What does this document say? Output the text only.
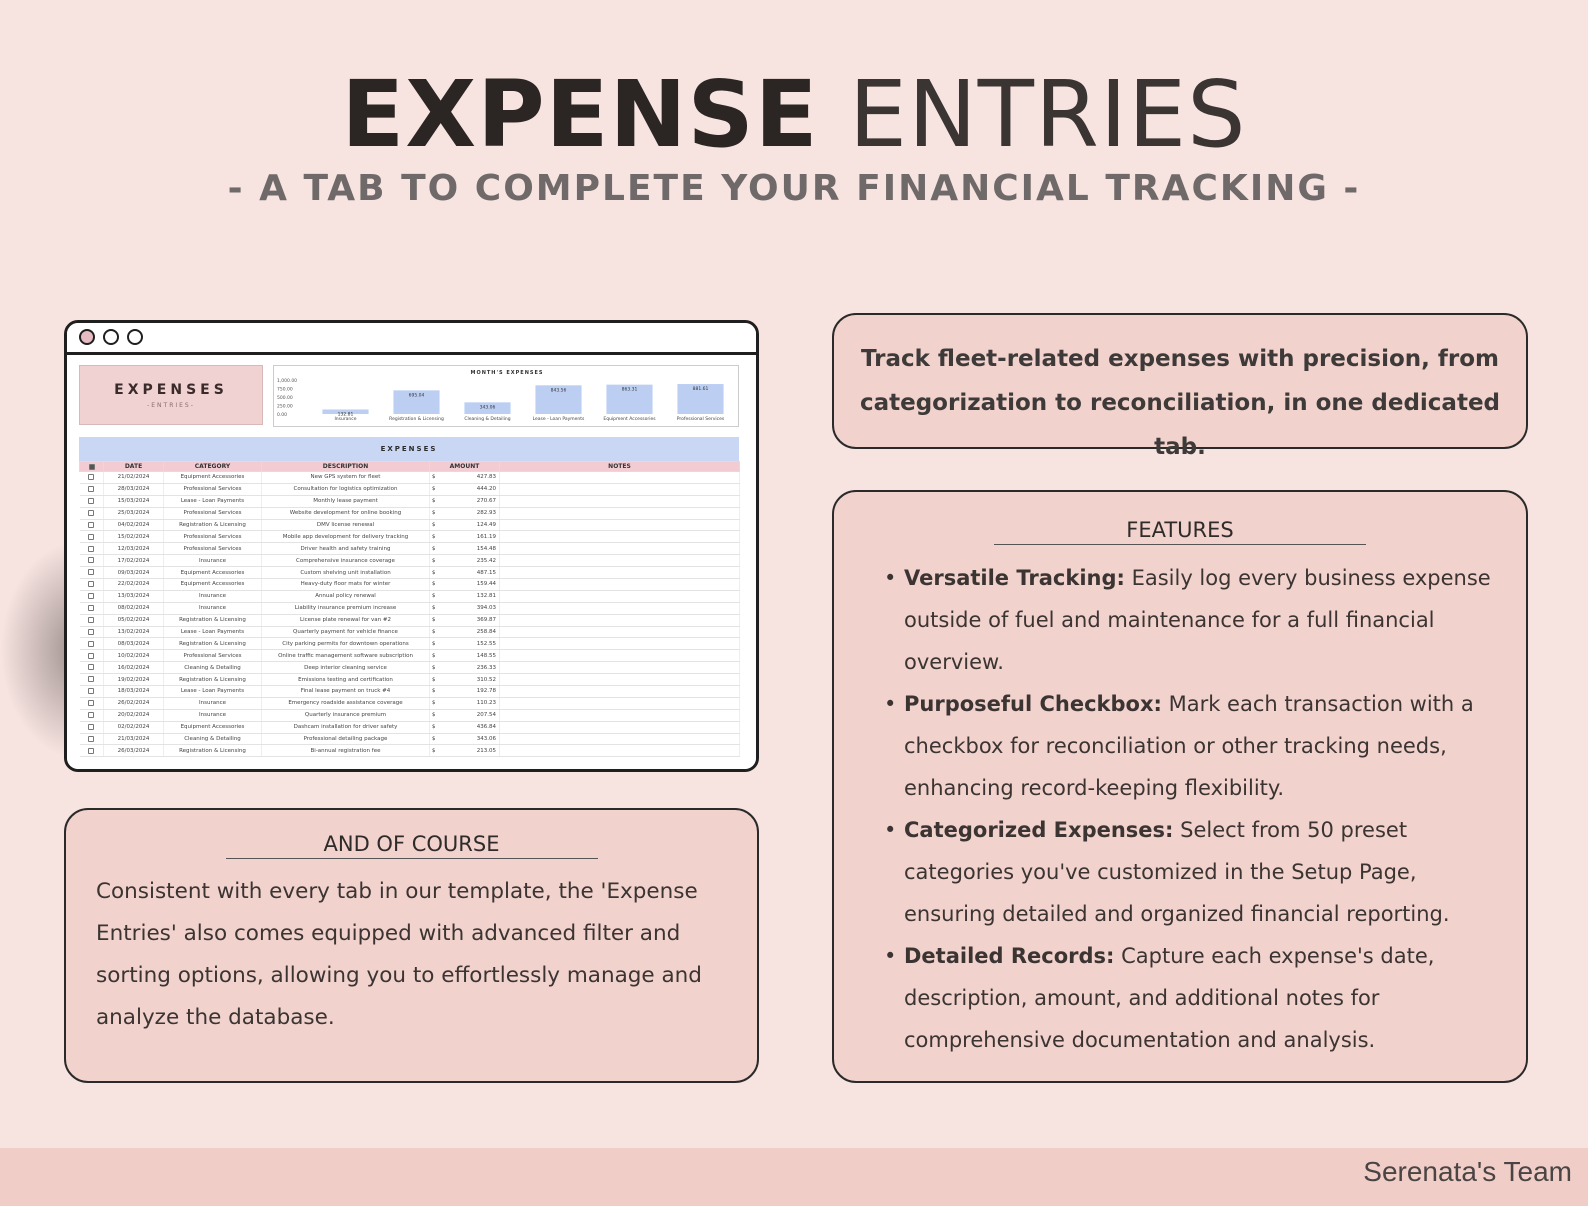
EXPENSE ENTRIES
- A TAB TO COMPLETE YOUR FINANCIAL TRACKING -
EXPENSES
-ENTRIES-
MONTH'S EXPENSES
1,000.00
750.00
500.00
250.00
0.00	132.81
Insurance
695.04
Registration & Licensing
343.06
Cleaning & Detailing
843.56
Lease - Loan Payments
863.31
Equipment Accessories
881.61
Professional Services
EXPENSES
	DATE	CATEGORY	DESCRIPTION	AMOUNT	NOTES
	21/02/2024	Equipment Accessories	New GPS system for fleet	$ 427.83	
	28/03/2024	Professional Services	Consultation for logistics optimization	$ 444.20	
	15/03/2024	Lease - Loan Payments	Monthly lease payment	$ 270.67	
	25/03/2024	Professional Services	Website development for online booking	$ 282.93	
	04/02/2024	Registration & Licensing	DMV license renewal	$ 124.49	
	15/02/2024	Professional Services	Mobile app development for delivery tracking	$ 161.19	
	12/03/2024	Professional Services	Driver health and safety training	$ 154.48	
	17/02/2024	Insurance	Comprehensive insurance coverage	$ 235.42	
	09/03/2024	Equipment Accessories	Custom shelving unit installation	$ 487.15	
	22/02/2024	Equipment Accessories	Heavy-duty floor mats for winter	$ 159.44	
	13/03/2024	Insurance	Annual policy renewal	$ 132.81	
	08/02/2024	Insurance	Liability insurance premium increase	$ 394.03	
	05/02/2024	Registration & Licensing	License plate renewal for van #2	$ 369.87	
	13/02/2024	Lease - Loan Payments	Quarterly payment for vehicle finance	$ 258.84	
	08/03/2024	Registration & Licensing	City parking permits for downtown operations	$ 152.55	
	10/02/2024	Professional Services	Online traffic management software subscription	$ 148.55	
	16/02/2024	Cleaning & Detailing	Deep interior cleaning service	$ 236.33	
	19/02/2024	Registration & Licensing	Emissions testing and certification	$ 310.52	
	18/03/2024	Lease - Loan Payments	Final lease payment on truck #4	$ 192.78	
	26/02/2024	Insurance	Emergency roadside assistance coverage	$ 110.23	
	20/02/2024	Insurance	Quarterly insurance premium	$ 207.54	
	02/02/2024	Equipment Accessories	Dashcam installation for driver safety	$ 436.84	
	21/03/2024	Cleaning & Detailing	Professional detailing package	$ 343.06	
	26/03/2024	Registration & Licensing	Bi-annual registration fee	$ 213.05	

Track fleet-related expenses with precision, from categorization to reconciliation, in one dedicated tab.

AND OF COURSE

Consistent with every tab in our template, the 'Expense Entries' also comes equipped with advanced filter and sorting options, allowing you to effortlessly manage and analyze the database.

FEATURES
• Versatile Tracking: Easily log every business expense outside of fuel and maintenance for a full financial overview.
• Purposeful Checkbox: Mark each transaction with a checkbox for reconciliation or other tracking needs, enhancing record-keeping flexibility.
• Categorized Expenses: Select from 50 preset categories you've customized in the Setup Page, ensuring detailed and organized financial reporting.
• Detailed Records: Capture each expense's date, description, amount, and additional notes for comprehensive documentation and analysis.
Serenata's Team
